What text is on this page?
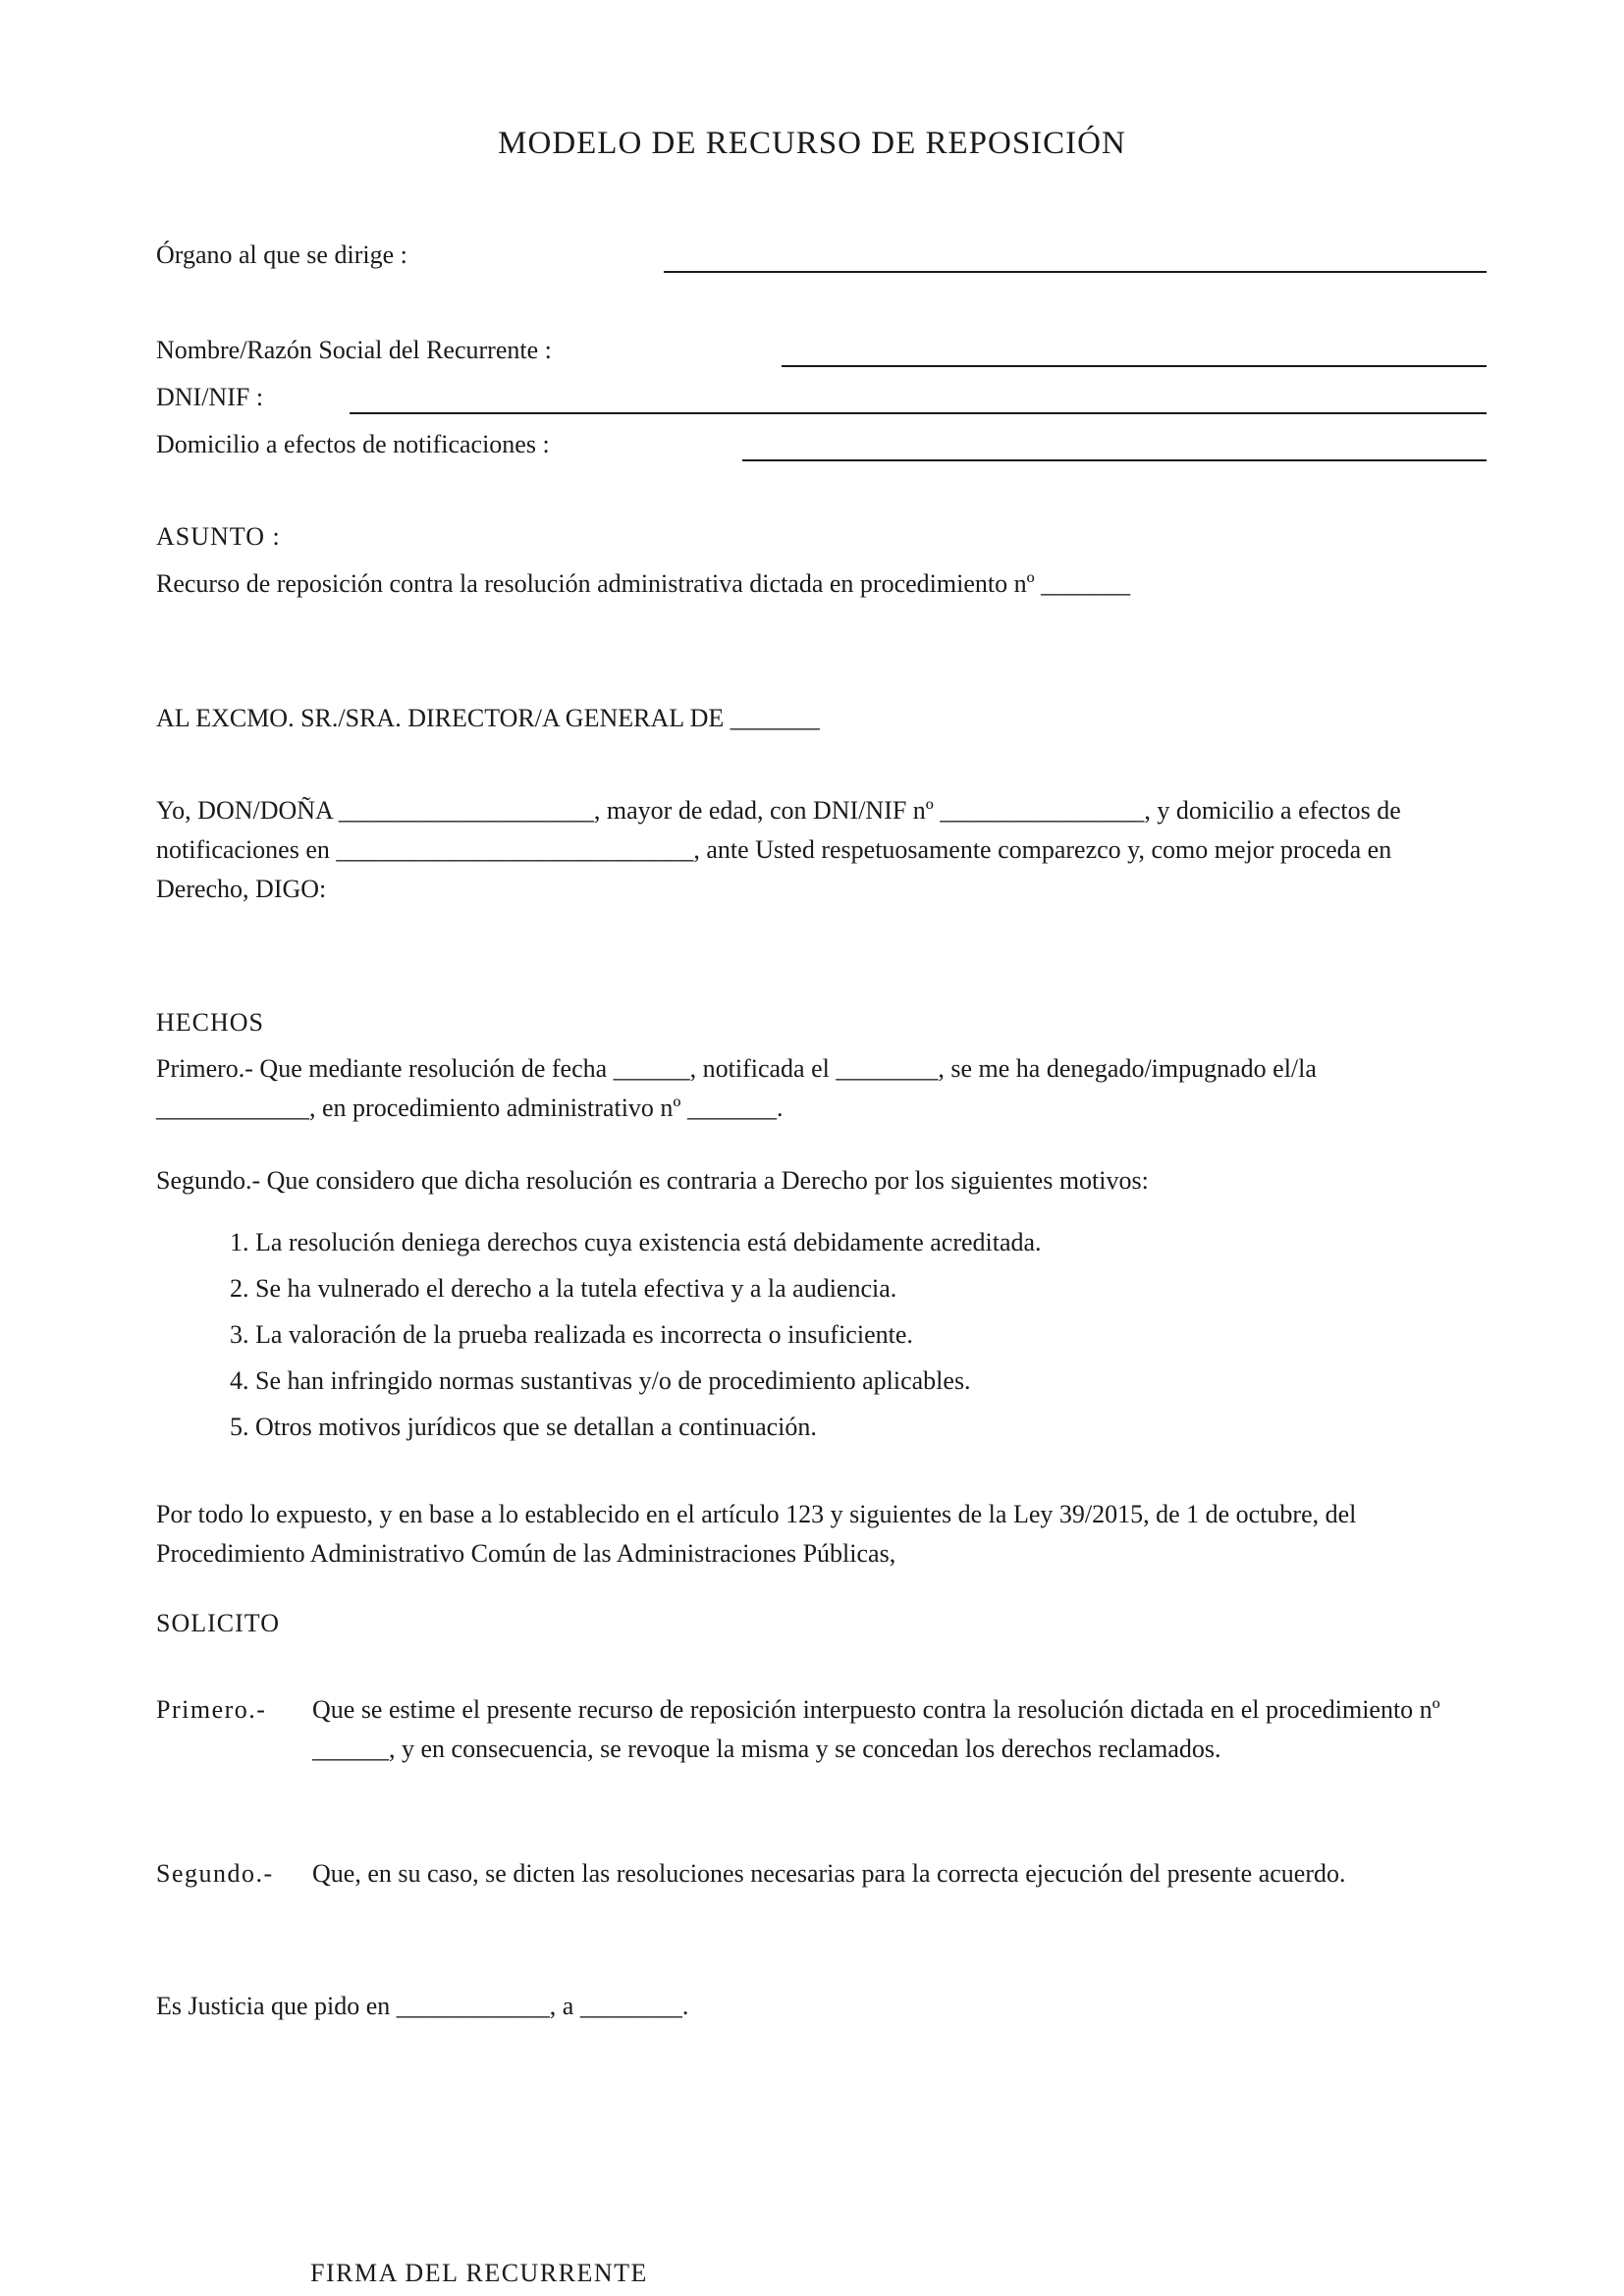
MODELO DE RECURSO DE REPOSICIÓN
Órgano al que se dirige :
Nombre/Razón Social del Recurrente :
DNI/NIF :
Domicilio a efectos de notificaciones :
ASUNTO :
Recurso de reposición contra la resolución administrativa dictada en procedimiento nº _______
AL EXCMO. SR./SRA. DIRECTOR/A GENERAL DE _______
Yo, DON/DOÑA ____________________, mayor de edad, con DNI/NIF nº ________________, y domicilio a efectos de notificaciones en ____________________________, ante Usted respetuosamente comparezco y, como mejor proceda en Derecho, DIGO:
HECHOS
Primero.- Que mediante resolución de fecha ______, notificada el ________, se me ha denegado/impugnado el/la ____________, en procedimiento administrativo nº _______.
Segundo.- Que considero que dicha resolución es contraria a Derecho por los siguientes motivos:
1. La resolución deniega derechos cuya existencia está debidamente acreditada.
2. Se ha vulnerado el derecho a la tutela efectiva y a la audiencia.
3. La valoración de la prueba realizada es incorrecta o insuficiente.
4. Se han infringido normas sustantivas y/o de procedimiento aplicables.
5. Otros motivos jurídicos que se detallan a continuación.
Por todo lo expuesto, y en base a lo establecido en el artículo 123 y siguientes de la Ley 39/2015, de 1 de octubre, del Procedimiento Administrativo Común de las Administraciones Públicas,
SOLICITO
Primero.- Que se estime el presente recurso de reposición interpuesto contra la resolución dictada en el procedimiento nº ______, y en consecuencia, se revoque la misma y se concedan los derechos reclamados.
Segundo.- Que, en su caso, se dicten las resoluciones necesarias para la correcta ejecución del presente acuerdo.
Es Justicia que pido en ____________, a ________.
FIRMA DEL RECURRENTE
